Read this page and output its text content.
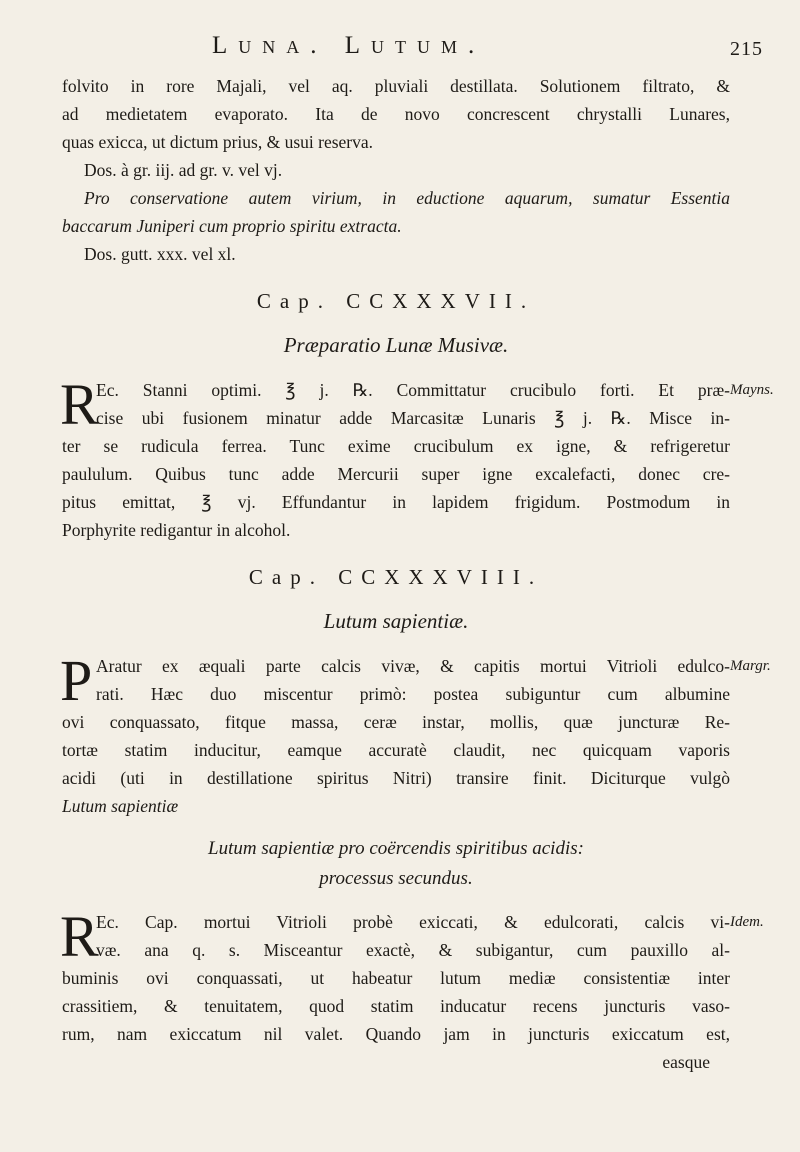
Luna. Lutum.	215
folvito in rore Majali, vel aq. pluviali destillata. Solutionem filtrato, &
ad medietatem evaporato. Ita de novo concrescent chrystalli Lunares,
quas exicca, ut dictum prius, & usui reserva.
Dos. à gr. iij. ad gr. v. vel vj.
Pro conservatione autem virium, in eductione aquarum, sumatur Essentia
baccarum Juniperi cum proprio spiritu extracta.
Dos. gutt. xxx. vel xl.
Cap. CCXXXVII.
Præparatio Lunæ Musivæ.
R	Mayns.
Ec. Stanni optimi. ℥ j. ℞. Committatur crucibulo forti. Et præ-
cise ubi fusionem minatur adde Marcasitæ Lunaris ℥ j. ℞. Misce in-
ter se rudicula ferrea. Tunc exime crucibulum ex igne, & refrigeretur
paululum. Quibus tunc adde Mercurii super igne excalefacti, donec cre-
pitus emittat, ℥ vj. Effundantur in lapidem frigidum. Postmodum in
Porphyrite redigantur in alcohol.
Cap. CCXXXVIII.
Lutum sapientiæ.
P	Margr.
Aratur ex æquali parte calcis vivæ, & capitis mortui Vitrioli edulco-
rati. Hæc duo miscentur primò: postea subiguntur cum albumine
ovi conquassato, fitque massa, ceræ instar, mollis, quæ juncturæ Re-
tortæ statim inducitur, eamque accuratè claudit, nec quicquam vaporis
acidi (uti in destillatione spiritus Nitri) transire finit. Diciturque vulgò
Lutum sapientiæ
Lutum sapientiæ pro coërcendis spiritibus acidis:
processus secundus.
R	Idem.
Ec. Cap. mortui Vitrioli probè exiccati, & edulcorati, calcis vi-
væ. ana q. s. Misceantur exactè, & subigantur, cum pauxillo al-
buminis ovi conquassati, ut habeatur lutum mediæ consistentiæ inter
crassitiem, & tenuitatem, quod statim inducatur recens juncturis vaso-
rum, nam exiccatum nil valet. Quando jam in juncturis exiccatum est,
easque
